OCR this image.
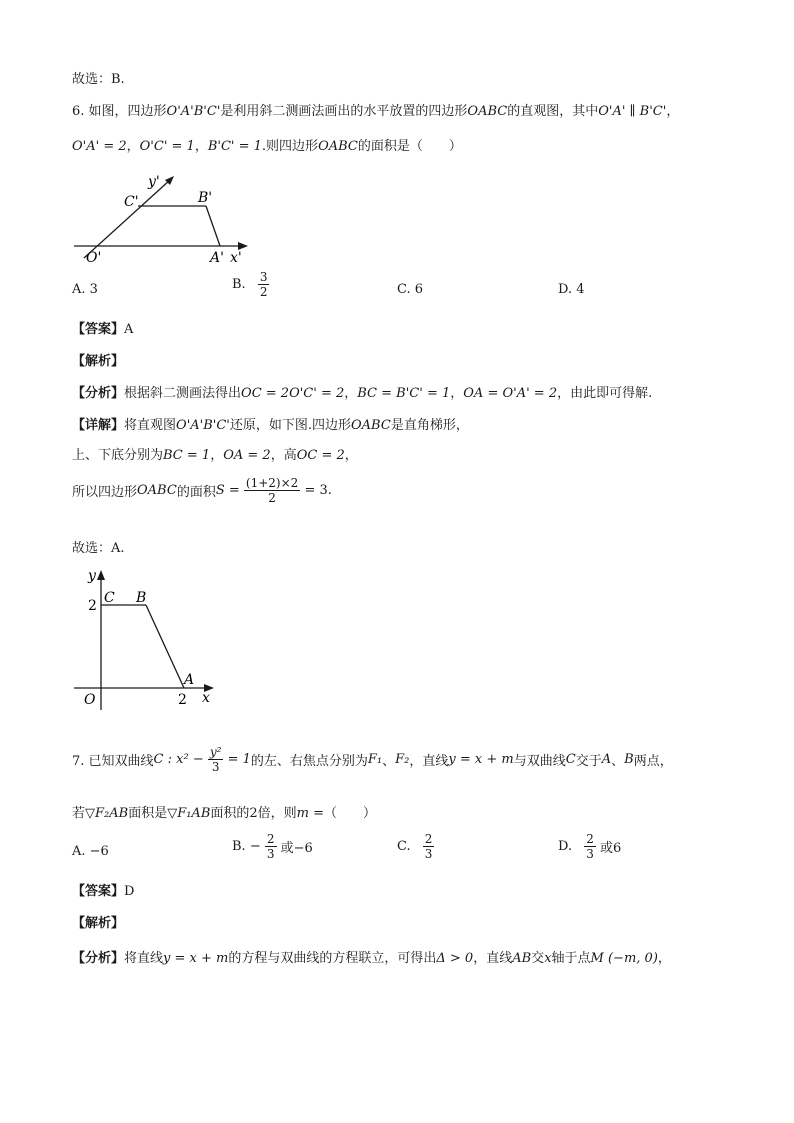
故选：B.
6. 如图，四边形O'A'B'C'是利用斜二测画法画出的水平放置的四边形OABC的直观图，其中O'A' ∥ B'C'，
O'A' = 2，O'C' = 1，B'C' = 1.则四边形OABC的面积是（　　）
y'
C'	B'
O'	A' x'
A. 3	B. $\frac{3}{2}$	C. 6	D. 4
【答案】A
【解析】
【分析】根据斜二测画法得出OC = 2O'C' = 2，BC = B'C' = 1，OA = O'A' = 2，由此即可得解.
【详解】将直观图O'A'B'C'还原，如下图.四边形OABC是直角梯形，
上、下底分别为BC = 1，OA = 2，高OC = 2，
所以四边形OABC的面积$S = \frac{(1+2)\times 2}{2} = 3$.
故选：A.
y
C B
2
A
O	2 x
7. 已知双曲线C : $x^2 - \frac{\text{y²}}{3} = 1$的左、右焦点分别为F₁、F₂，直线y = x + m与双曲线C交于A、B两点，
若▽F₂AB面积是▽F₁AB面积的2倍，则m =（　　）
A. −6	B. − $\frac{2}{3}$ 或−6	C. $\frac{2}{3}$	D. $\frac{2}{3}$ 或6
【答案】D
【解析】
【分析】将直线y = x + m的方程与双曲线的方程联立，可得出Δ > 0，直线AB交x轴于点M (−m, 0)，
